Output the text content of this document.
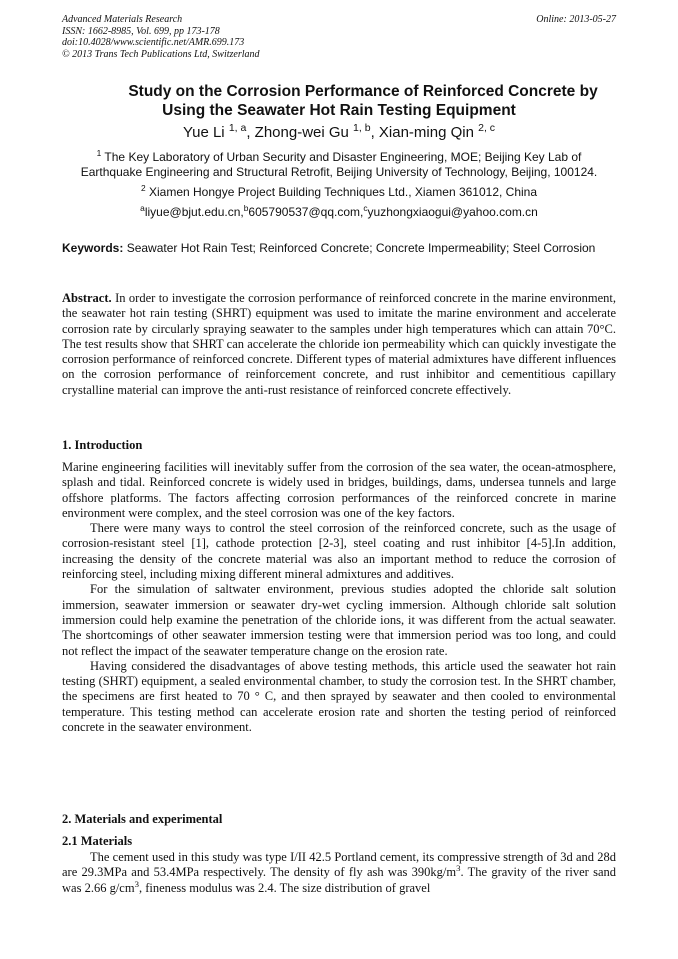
Advanced Materials Research
ISSN: 1662-8985, Vol. 699, pp 173-178
doi:10.4028/www.scientific.net/AMR.699.173
© 2013 Trans Tech Publications Ltd, Switzerland
Online: 2013-05-27
Study on the Corrosion Performance of Reinforced Concrete by
Using the Seawater Hot Rain Testing Equipment
Yue Li $^{1, a}$, Zhong-wei Gu $^{1, b}$, Xian-ming Qin $^{2, c}$
$^1$ The Key Laboratory of Urban Security and Disaster Engineering, MOE; Beijing Key Lab of
Earthquake Engineering and Structural Retrofit, Beijing University of Technology, Beijing, 100124.
$^2$ Xiamen Hongye Project Building Techniques Ltd., Xiamen 361012, China
$^a$liyue@bjut.edu.cn,$^b$605790537@qq.com,$^c$yuzhongxiaogui@yahoo.com.cn
Keywords: Seawater Hot Rain Test; Reinforced Concrete; Concrete Impermeability; Steel Corrosion
Abstract. In order to investigate the corrosion performance of reinforced concrete in the marine environment, the seawater hot rain testing (SHRT) equipment was used to imitate the marine environment and accelerate corrosion rate by circularly spraying seawater to the samples under high temperatures which can attain 70°C. The test results show that SHRT can accelerate the chloride ion permeability which can quickly investigate the corrosion performance of reinforced concrete. Different types of material admixtures have different influences on the corrosion performance of reinforcement concrete, and rust inhibitor and cementitious capillary crystalline material can improve the anti-rust resistance of reinforced concrete effectively.
1. Introduction

Marine engineering facilities will inevitably suffer from the corrosion of the sea water, the ocean-atmosphere, splash and tidal. Reinforced concrete is widely used in bridges, buildings, dams, undersea tunnels and large offshore platforms. The factors affecting corrosion performances of the reinforced concrete in marine environment were complex, and the steel corrosion was one of the key factors.

There were many ways to control the steel corrosion of the reinforced concrete, such as the usage of corrosion-resistant steel [1], cathode protection [2-3], steel coating and rust inhibitor [4-5].In addition, increasing the density of the concrete material was also an important method to reduce the corrosion of reinforcing steel, including mixing different mineral admixtures and additives.

For the simulation of saltwater environment, previous studies adopted the chloride salt solution immersion, seawater immersion or seawater dry-wet cycling immersion. Although chloride salt solution immersion could help examine the penetration of the chloride ions, it was different from the actual seawater. The shortcomings of other seawater immersion testing were that immersion period was too long, and could not reflect the impact of the seawater temperature change on the erosion rate.

Having considered the disadvantages of above testing methods, this article used the seawater hot rain testing (SHRT) equipment, a sealed environmental chamber, to study the corrosion test. In the SHRT chamber, the specimens are first heated to 70 ° C, and then sprayed by seawater and then cooled to environmental temperature. This testing method can accelerate erosion rate and shorten the testing period of reinforced concrete in the seawater environment.

2. Materials and experimental
2.1 Materials

The cement used in this study was type I/II 42.5 Portland cement, its compressive strength of 3d and 28d are 29.3MPa and 53.4MPa respectively. The density of fly ash was $390kg/m^3$. The gravity of the river sand was 2.66 $g/cm^3$, fineness modulus was 2.4. The size distribution of gravel
